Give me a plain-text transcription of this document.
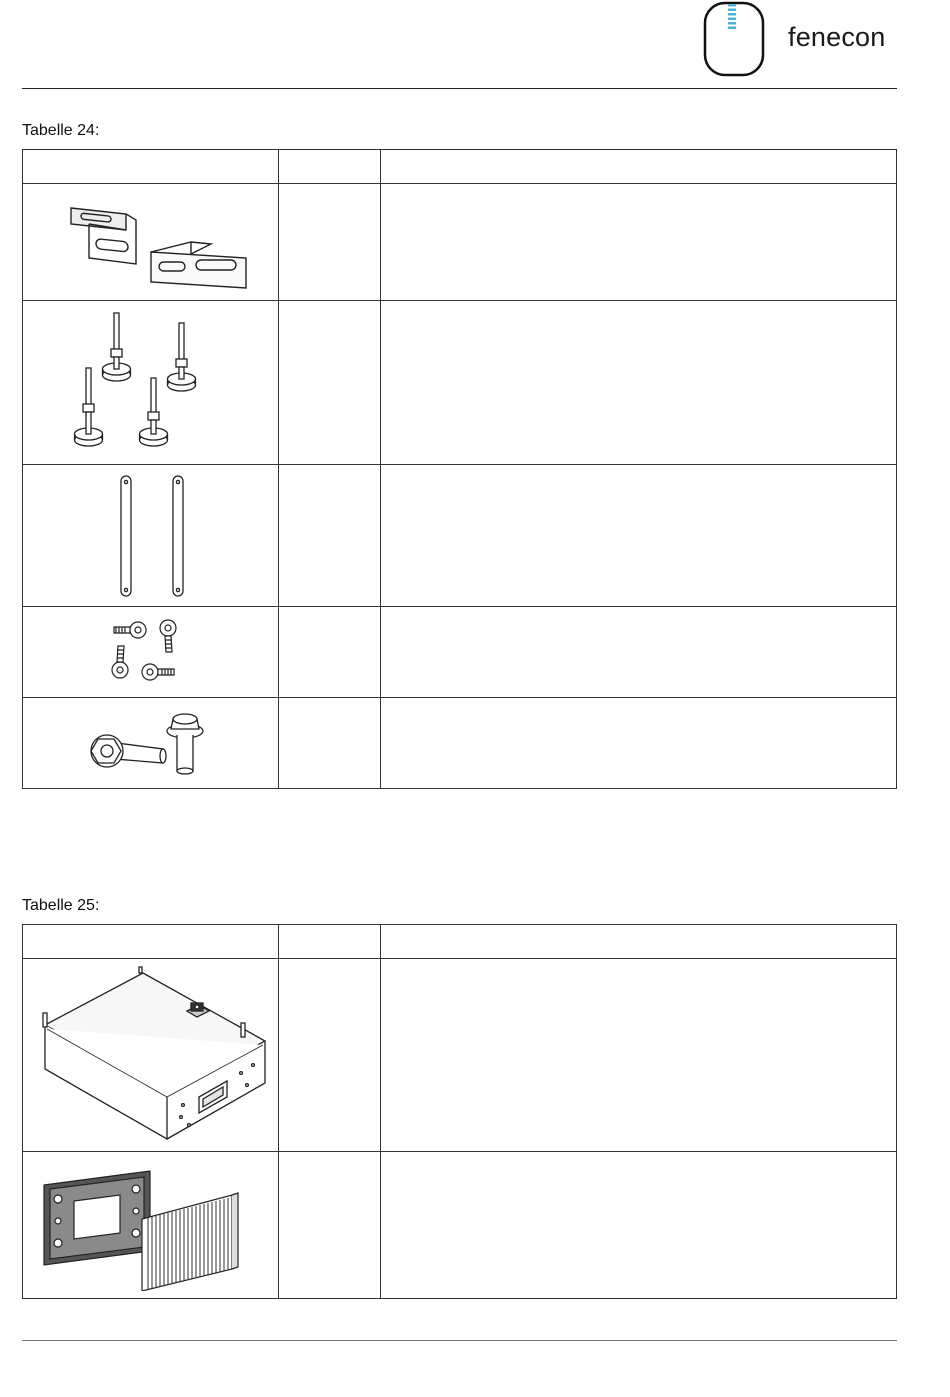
fenecon
Tabelle 24:

Tabelle 25:
